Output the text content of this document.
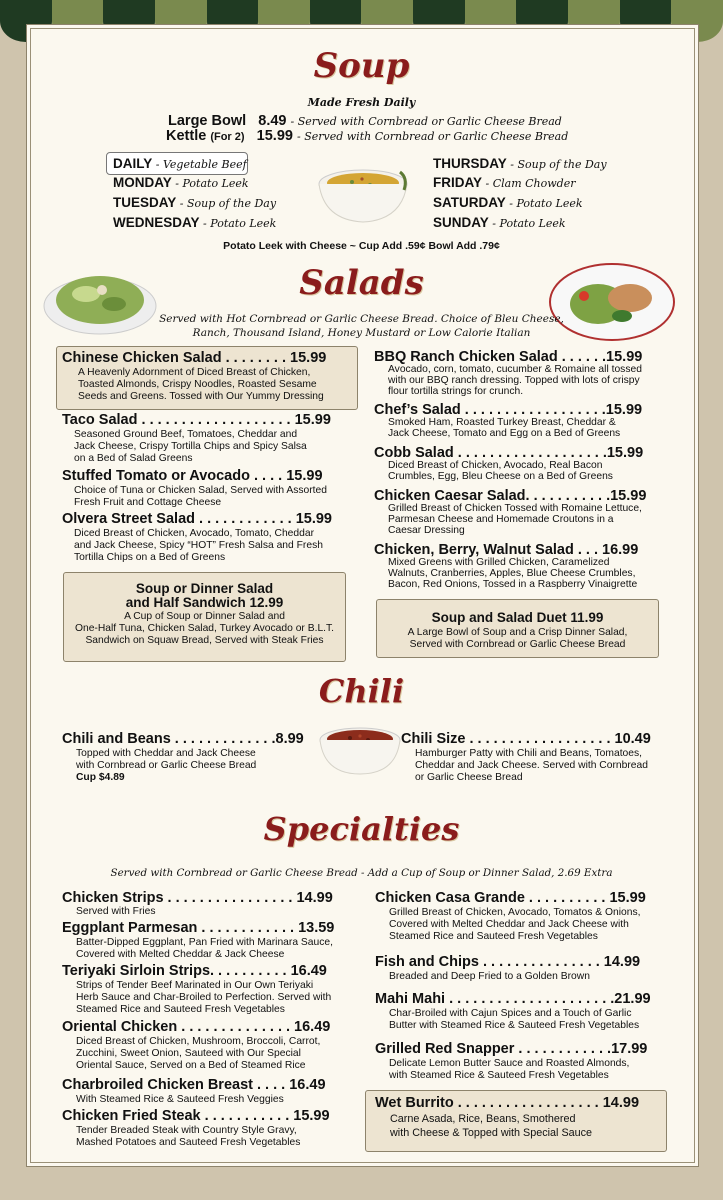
Soup
Made Fresh Daily
Large Bowl 8.49 - Served with Cornbread or Garlic Cheese Bread
Kettle (For 2) 15.99 - Served with Cornbread or Garlic Cheese Bread
DAILY - Vegetable Beef
MONDAY - Potato Leek
TUESDAY - Soup of the Day
WEDNESDAY - Potato Leek
THURSDAY - Soup of the Day
FRIDAY - Clam Chowder
SATURDAY - Potato Leek
SUNDAY - Potato Leek
Potato Leek with Cheese ~ Cup Add .59¢ Bowl Add .79¢
Salads
Served with Hot Cornbread or Garlic Cheese Bread. Choice of Bleu Cheese,
Ranch, Thousand Island, Honey Mustard or Low Calorie Italian
Chinese Chicken Salad . . . . . . . . 15.99
A Heavenly Adornment of Diced Breast of Chicken,
Toasted Almonds, Crispy Noodles, Roasted Sesame
Seeds and Greens. Tossed with Our Yummy Dressing
Taco Salad . . . . . . . . . . . . . . . . . . . 15.99
Seasoned Ground Beef, Tomatoes, Cheddar and
Jack Cheese, Crispy Tortilla Chips and Spicy Salsa
on a Bed of Salad Greens
Stuffed Tomato or Avocado . . . . 15.99
Choice of Tuna or Chicken Salad, Served with Assorted
Fresh Fruit and Cottage Cheese
Olvera Street Salad . . . . . . . . . . . . 15.99
Diced Breast of Chicken, Avocado, Tomato, Cheddar
and Jack Cheese, Spicy “HOT” Fresh Salsa and Fresh
Tortilla Chips on a Bed of Greens
BBQ Ranch Chicken Salad . . . . . .15.99
Avocado, corn, tomato, cucumber & Romaine all tossed
with our BBQ ranch dressing. Topped with lots of crispy
flour tortilla strings for crunch.
Chef’s Salad . . . . . . . . . . . . . . . . . .15.99
Smoked Ham, Roasted Turkey Breast, Cheddar &
Jack Cheese, Tomato and Egg on a Bed of Greens
Cobb Salad . . . . . . . . . . . . . . . . . . .15.99
Diced Breast of Chicken, Avocado, Real Bacon
Crumbles, Egg, Bleu Cheese on a Bed of Greens
Chicken Caesar Salad. . . . . . . . . . .15.99
Grilled Breast of Chicken Tossed with Romaine Lettuce,
Parmesan Cheese and Homemade Croutons in a
Caesar Dressing
Chicken, Berry, Walnut Salad . . . 16.99
Mixed Greens with Grilled Chicken, Caramelized
Walnuts, Cranberries, Apples, Blue Cheese Crumbles,
Bacon, Red Onions, Tossed in a Raspberry Vinaigrette
Soup or Dinner Salad
and Half Sandwich 12.99
A Cup of Soup or Dinner Salad and
One-Half Tuna, Chicken Salad, Turkey Avocado or B.L.T.
Sandwich on Squaw Bread, Served with Steak Fries
Soup and Salad Duet 11.99
A Large Bowl of Soup and a Crisp Dinner Salad,
Served with Cornbread or Garlic Cheese Bread
Chili
Chili and Beans . . . . . . . . . . . . .8.99
Topped with Cheddar and Jack Cheese
with Cornbread or Garlic Cheese Bread
Cup $4.89
Chili Size . . . . . . . . . . . . . . . . . . 10.49
Hamburger Patty with Chili and Beans, Tomatoes,
Cheddar and Jack Cheese. Served with Cornbread
or Garlic Cheese Bread
Specialties
Served with Cornbread or Garlic Cheese Bread - Add a Cup of Soup or Dinner Salad, 2.69 Extra
Chicken Strips . . . . . . . . . . . . . . . . 14.99
Served with Fries
Eggplant Parmesan . . . . . . . . . . . . 13.59
Batter-Dipped Eggplant, Pan Fried with Marinara Sauce,
Covered with Melted Cheddar & Jack Cheese
Teriyaki Sirloin Strips. . . . . . . . . . 16.49
Strips of Tender Beef Marinated in Our Own Teriyaki
Herb Sauce and Char-Broiled to Perfection. Served with
Steamed Rice and Sauteed Fresh Vegetables
Oriental Chicken . . . . . . . . . . . . . . 16.49
Diced Breast of Chicken, Mushroom, Broccoli, Carrot,
Zucchini, Sweet Onion, Sauteed with Our Special
Oriental Sauce, Served on a Bed of Steamed Rice
Charbroiled Chicken Breast . . . . 16.49
With Steamed Rice & Sauteed Fresh Veggies
Chicken Fried Steak . . . . . . . . . . . 15.99
Tender Breaded Steak with Country Style Gravy,
Mashed Potatoes and Sauteed Fresh Vegetables
Chicken Casa Grande . . . . . . . . . . 15.99
Grilled Breast of Chicken, Avocado, Tomatos & Onions,
Covered with Melted Cheddar and Jack Cheese with
Steamed Rice and Sauteed Fresh Vegetables
Fish and Chips . . . . . . . . . . . . . . . 14.99
Breaded and Deep Fried to a Golden Brown
Mahi Mahi . . . . . . . . . . . . . . . . . . . . .21.99
Char-Broiled with Cajun Spices and a Touch of Garlic
Butter with Steamed Rice & Sauteed Fresh Vegetables
Grilled Red Snapper . . . . . . . . . . . .17.99
Delicate Lemon Butter Sauce and Roasted Almonds,
with Steamed Rice & Sauteed Fresh Vegetables
Wet Burrito . . . . . . . . . . . . . . . . . . 14.99
Carne Asada, Rice, Beans, Smothered
with Cheese & Topped with Special Sauce
